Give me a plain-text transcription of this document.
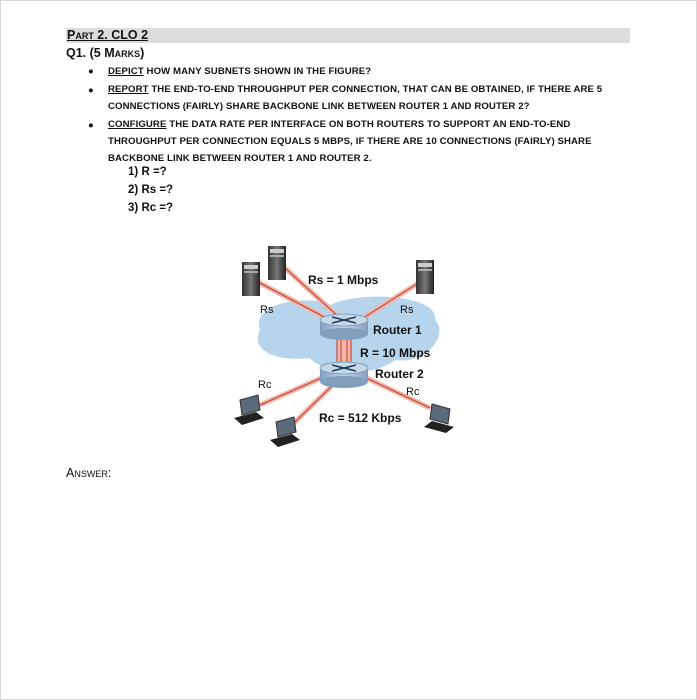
Part 2. CLO 2
Q1. (5 Marks)
● DEPICT HOW MANY SUBNETS SHOWN IN THE FIGURE?
● REPORT THE END-TO-END THROUGHPUT PER CONNECTION, THAT CAN BE OBTAINED, IF THERE ARE 5
CONNECTIONS (FAIRLY) SHARE BACKBONE LINK BETWEEN ROUTER 1 AND ROUTER 2?
● CONFIGURE THE DATA RATE PER INTERFACE ON BOTH ROUTERS TO SUPPORT AN END-TO-END
THROUGHPUT PER CONNECTION EQUALS 5 MBPS, IF THERE ARE 10 CONNECTIONS (FAIRLY) SHARE
BACKBONE LINK BETWEEN ROUTER 1 AND ROUTER 2.
1) R =?
2) Rs =?
3) Rc =?
Rs = 1 Mbps
Rs	Rs
Router 1
R = 10 Mbps
Router 2
Rc
Rc
Rc = 512 Kbps
Answer:
